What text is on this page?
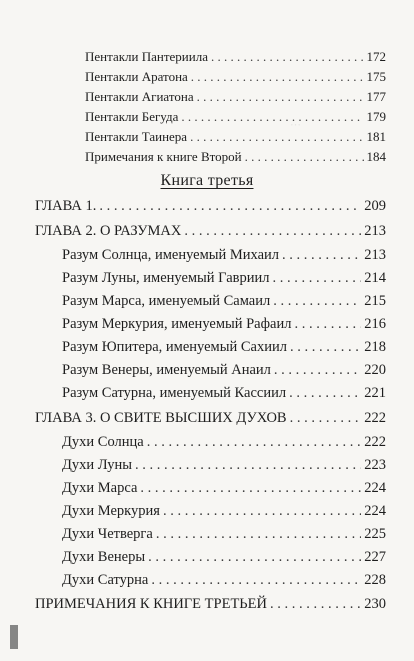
⋯
Пентакли Пантериила . . .	172
Пентакли Аратона . . .	175
Пентакли Агиатона . . .	177
Пентакли Бегуда . . .	179
Пентакли Таинера . . .	181
Примечания к книге Второй . . .	184
Книга третья
ГЛАВА 1. . . .	209
ГЛАВА 2. О РАЗУМАХ . . .	213
Разум Солнца, именуемый Михаил . . .	213
Разум Луны, именуемый Гавриил . . .	214
Разум Марса, именуемый Самаил . . .	215
Разум Меркурия, именуемый Рафаил . . .	216
Разум Юпитера, именуемый Сахиил . . .	218
Разум Венеры, именуемый Анаил . . .	220
Разум Сатурна, именуемый Кассиил . . .	221
ГЛАВА 3. О СВИТЕ ВЫСШИХ ДУХОВ . . .	222
Духи Солнца . . .	222
Духи Луны . . .	223
Духи Марса . . .	224
Духи Меркурия . . .	224
Духи Четверга . . .	225
Духи Венеры . . .	227
Духи Сатурна . . .	228
ПРИМЕЧАНИЯ К КНИГЕ ТРЕТЬЕЙ . . .	230
